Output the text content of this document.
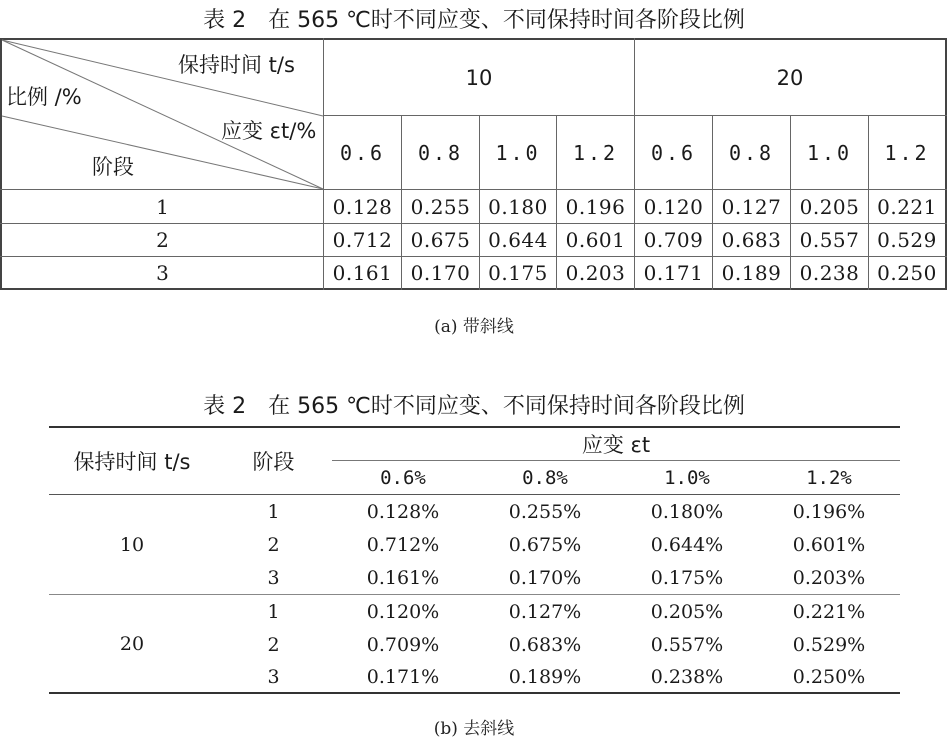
表 2　在 565 ℃时不同应变、不同保持时间各阶段比例
保持时间 t/s
比例 /%
应变 εt/%
阶段
10	20
0.6	0.8	1.0	1.2	0.6	0.8	1.0	1.2
1	0.128 0.255 0.180 0.196 0.120 0.127 0.205 0.221
2	0.712 0.675 0.644 0.601 0.709 0.683 0.557 0.529
3	0.161 0.170 0.175 0.203 0.171 0.189 0.238 0.250
(a) 带斜线
表 2　在 565 ℃时不同应变、不同保持时间各阶段比例
保持时间 t/s	阶段
应变 εt
0.6%	0.8%	1.0%	1.2%
10
1	0.128%	0.255%	0.180%	0.196%
2	0.712%	0.675%	0.644%	0.601%
3	0.161%	0.170%	0.175%	0.203%
20
1	0.120%	0.127%	0.205%	0.221%
2	0.709%	0.683%	0.557%	0.529%
3	0.171%	0.189%	0.238%	0.250%
(b) 去斜线
